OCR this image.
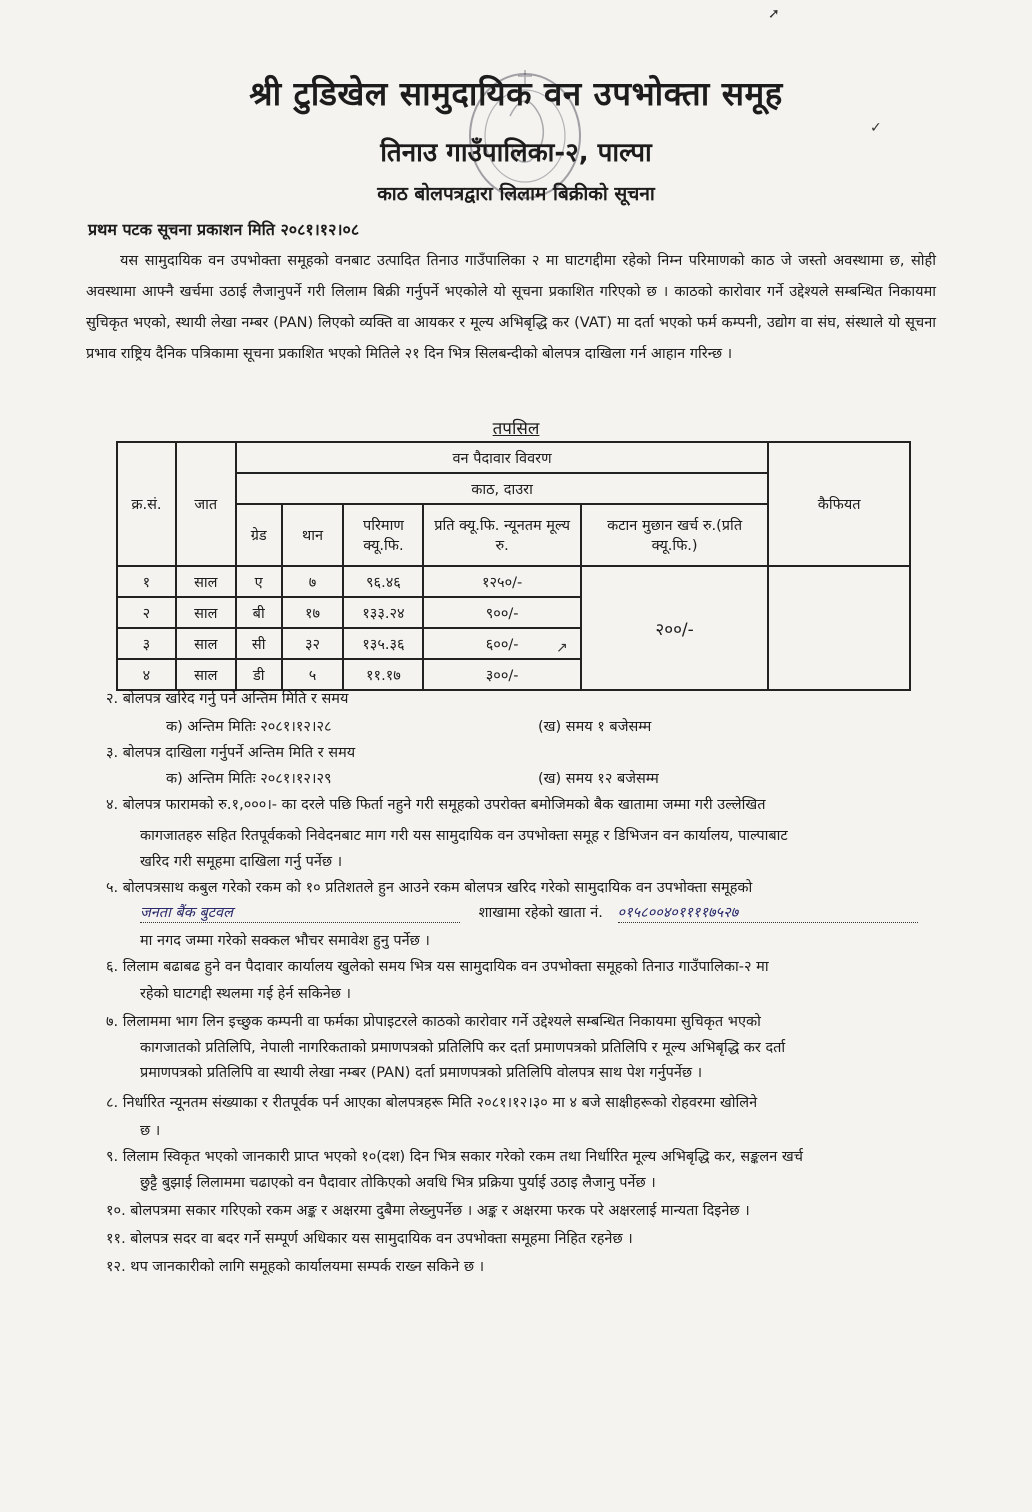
श्री टुडिखेल सामुदायिक वन उपभोक्ता समूह
तिनाउ गाउँपालिका-२, पाल्पा
काठ बोलपत्रद्वारा लिलाम बिक्रीको सूचना
प्रथम पटक सूचना प्रकाशन मिति २०८१।१२।०८
यस सामुदायिक वन उपभोक्ता समूहको वनबाट उत्पादित तिनाउ गाउँपालिका २ मा घाटगद्दीमा रहेको निम्न परिमाणको काठ जे जस्तो अवस्थामा छ, सोही अवस्थामा आफ्नै खर्चमा उठाई लैजानुपर्ने गरी लिलाम बिक्री गर्नुपर्ने भएकोले यो सूचना प्रकाशित गरिएको छ । काठको कारोवार गर्ने उद्देश्यले सम्बन्धित निकायमा सुचिकृत भएको, स्थायी लेखा नम्बर (PAN) लिएको व्यक्ति वा आयकर र मूल्य अभिबृद्धि कर (VAT) मा दर्ता भएको फर्म कम्पनी, उद्योग वा संघ, संस्थाले यो सूचना प्रभाव राष्ट्रिय दैनिक पत्रिकामा सूचना प्रकाशित भएको मितिले २१ दिन भित्र सिलबन्दीको बोलपत्र दाखिला गर्न आहान गरिन्छ ।
तपसिल
क्र.सं.	जात	वन पैदावार विवरण					कैफियत
		काठ, दाउरा					
		ग्रेड	थान	परिमाण क्यू.फि.	प्रति क्यू.फि. न्यूनतम मूल्य रु.	कटान मुछान खर्च रु.(प्रति क्यू.फि.)	
१	साल	ए	७	९६.४६	१२५०/-	२००/-	
२	साल	बी	१७	१३३.२४	९००/-		
३	साल	सी	३२	१३५.३६	६००/-		
४	साल	डी	५	११.१७	३००/-		
२. बोलपत्र खरिद गर्नु पर्ने अन्तिम मिति र समय
क) अन्तिम मितिः २०८१।१२।२८	(ख) समय १ बजेसम्म
३. बोलपत्र दाखिला गर्नुपर्ने अन्तिम मिति र समय
क) अन्तिम मितिः २०८१।१२।२९	(ख) समय १२ बजेसम्म
४. बोलपत्र फारामको रु.१,०००।- का दरले पछि फिर्ता नहुने गरी समूहको उपरोक्त बमोजिमको बैक खातामा जम्मा गरी उल्लेखित
कागजातहरु सहित रितपूर्वकको निवेदनबाट माग गरी यस सामुदायिक वन उपभोक्ता समूह र डिभिजन वन कार्यालय, पाल्पाबाट
खरिद गरी समूहमा दाखिला गर्नु पर्नेछ ।
५. बोलपत्रसाथ कबुल गरेको रकम को १० प्रतिशतले हुन आउने रकम बोलपत्र खरिद गरेको सामुदायिक वन उपभोक्ता समूहको
जनता बैंक बुटवल	शाखामा रहेको खाता नं. ०१५८००४०११११७५२७
मा नगद जम्मा गरेको सक्कल भौचर समावेश हुनु पर्नेछ ।
६. लिलाम बढाबढ हुने वन पैदावार कार्यालय खुलेको समय भित्र यस सामुदायिक वन उपभोक्ता समूहको तिनाउ गाउँपालिका-२ मा
रहेको घाटगद्दी स्थलमा गई हेर्न सकिनेछ ।
७. लिलाममा भाग लिन इच्छुक कम्पनी वा फर्मका प्रोपाइटरले काठको कारोवार गर्ने उद्देश्यले सम्बन्धित निकायमा सुचिकृत भएको
कागजातको प्रतिलिपि, नेपाली नागरिकताको प्रमाणपत्रको प्रतिलिपि कर दर्ता प्रमाणपत्रको प्रतिलिपि र मूल्य अभिबृद्धि कर दर्ता
प्रमाणपत्रको प्रतिलिपि वा स्थायी लेखा नम्बर (PAN) दर्ता प्रमाणपत्रको प्रतिलिपि वोलपत्र साथ पेश गर्नुपर्नेछ ।
८. निर्धारित न्यूनतम संख्याका र रीतपूर्वक पर्न आएका बोलपत्रहरू मिति २०८१।१२।३० मा ४ बजे साक्षीहरूको रोहवरमा खोलिने
छ ।
९. लिलाम स्विकृत भएको जानकारी प्राप्त भएको १०(दश) दिन भित्र सकार गरेको रकम तथा निर्धारित मूल्य अभिबृद्धि कर, सङ्कलन खर्च
छुट्टै बुझाई लिलाममा चढाएको वन पैदावार तोकिएको अवधि भित्र प्रक्रिया पुर्याई उठाइ लैजानु पर्नेछ ।
१०. बोलपत्रमा सकार गरिएको रकम अङ्क र अक्षरमा दुबैमा लेख्नुपर्नेछ । अङ्क र अक्षरमा फरक परे अक्षरलाई मान्यता दिइनेछ ।
११. बोलपत्र सदर वा बदर गर्ने सम्पूर्ण अधिकार यस सामुदायिक वन उपभोक्ता समूहमा निहित रहनेछ ।
१२. थप जानकारीको लागि समूहको कार्यालयमा सम्पर्क राख्न सकिने छ ।
➚
✓
↗
